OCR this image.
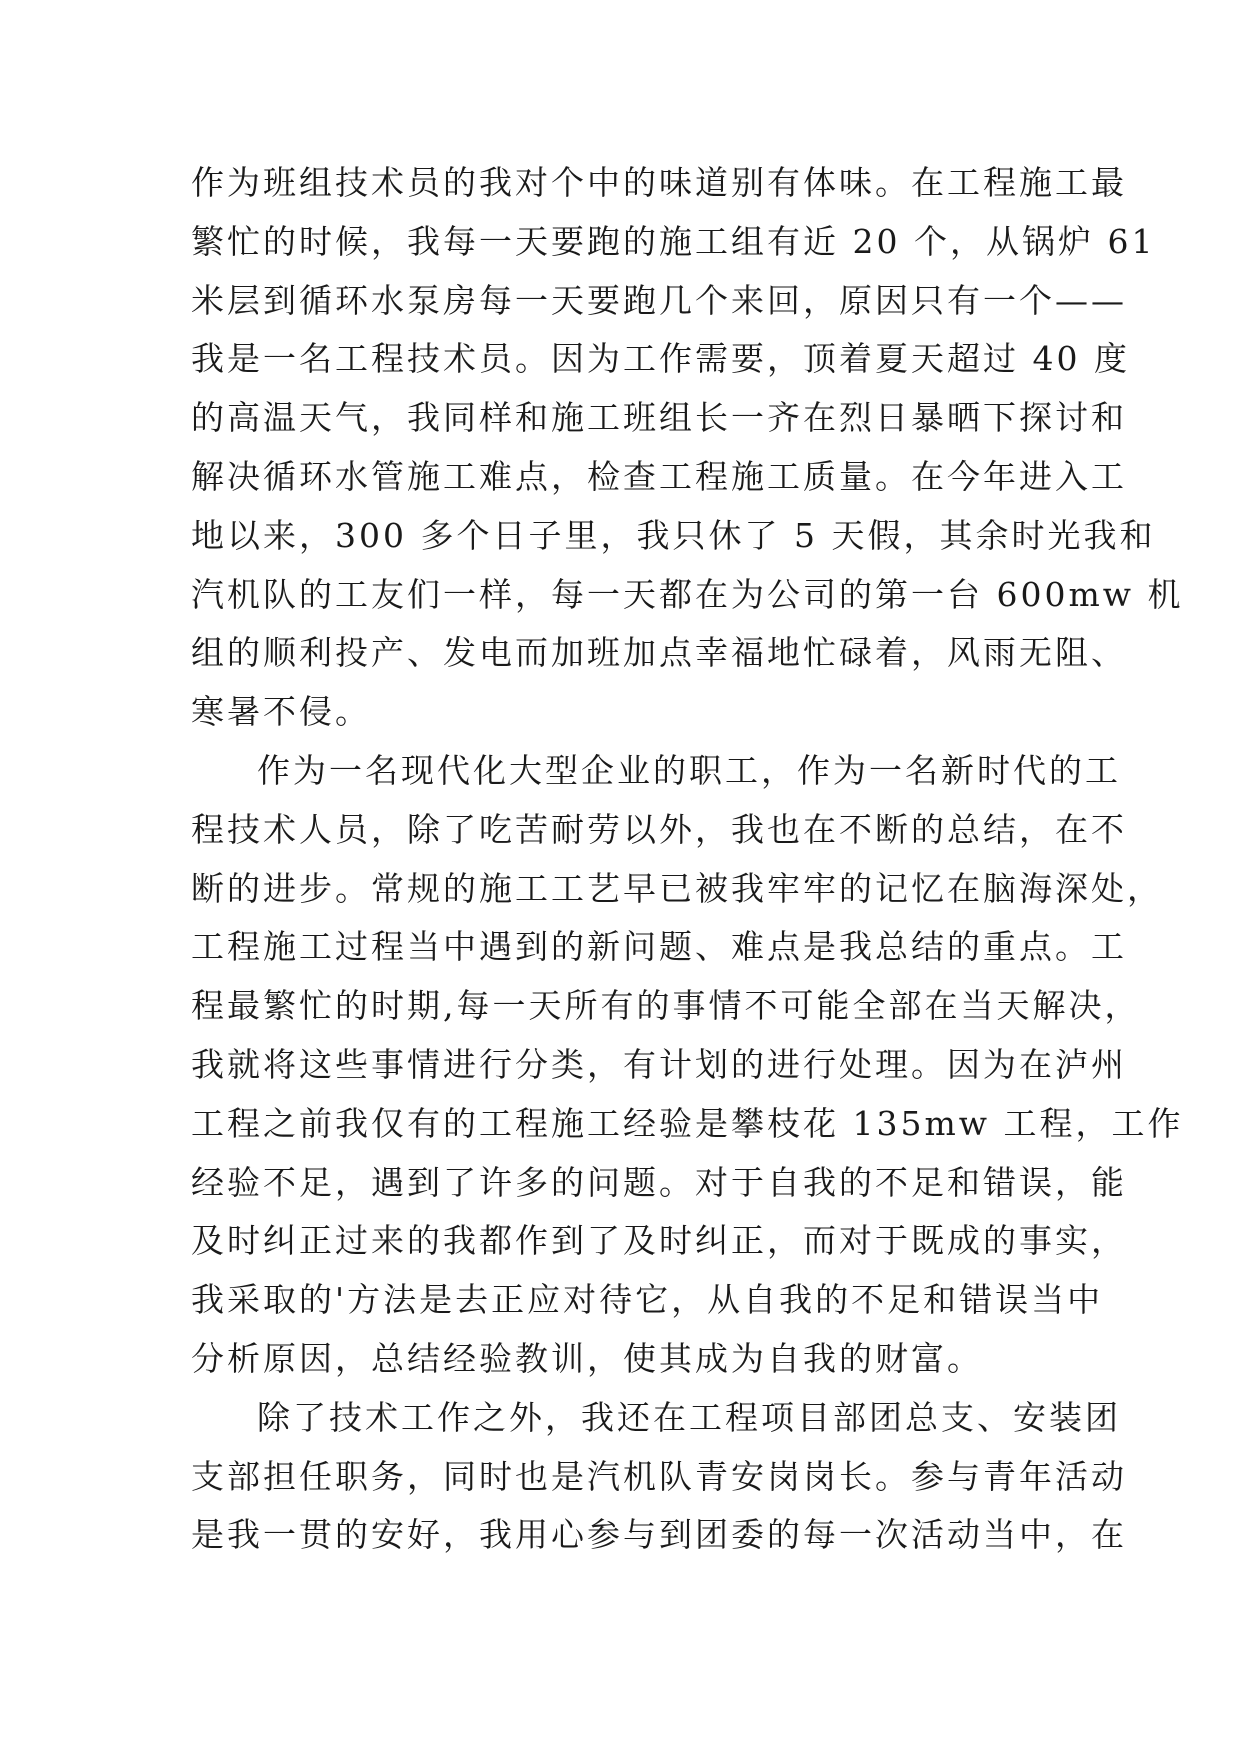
作为班组技术员的我对个中的味道别有体味。在工程施工最
繁忙的时候，我每一天要跑的施工组有近 20 个，从锅炉 61
米层到循环水泵房每一天要跑几个来回，原因只有一个——
我是一名工程技术员。因为工作需要，顶着夏天超过 40 度
的高温天气，我同样和施工班组长一齐在烈日暴晒下探讨和
解决循环水管施工难点，检查工程施工质量。在今年进入工
地以来，300 多个日子里，我只休了 5 天假，其余时光我和
汽机队的工友们一样，每一天都在为公司的第一台 600mw 机
组的顺利投产、发电而加班加点幸福地忙碌着，风雨无阻、
寒暑不侵。
作为一名现代化大型企业的职工，作为一名新时代的工
程技术人员，除了吃苦耐劳以外，我也在不断的总结，在不
断的进步。常规的施工工艺早已被我牢牢的记忆在脑海深处，
工程施工过程当中遇到的新问题、难点是我总结的重点。工
程最繁忙的时期,每一天所有的事情不可能全部在当天解决，
我就将这些事情进行分类，有计划的进行处理。因为在泸州
工程之前我仅有的工程施工经验是攀枝花 135mw 工程，工作
经验不足，遇到了许多的问题。对于自我的不足和错误，能
及时纠正过来的我都作到了及时纠正，而对于既成的事实，
我采取的'方法是去正应对待它，从自我的不足和错误当中
分析原因，总结经验教训，使其成为自我的财富。
除了技术工作之外，我还在工程项目部团总支、安装团
支部担任职务，同时也是汽机队青安岗岗长。参与青年活动
是我一贯的安好，我用心参与到团委的每一次活动当中，在
